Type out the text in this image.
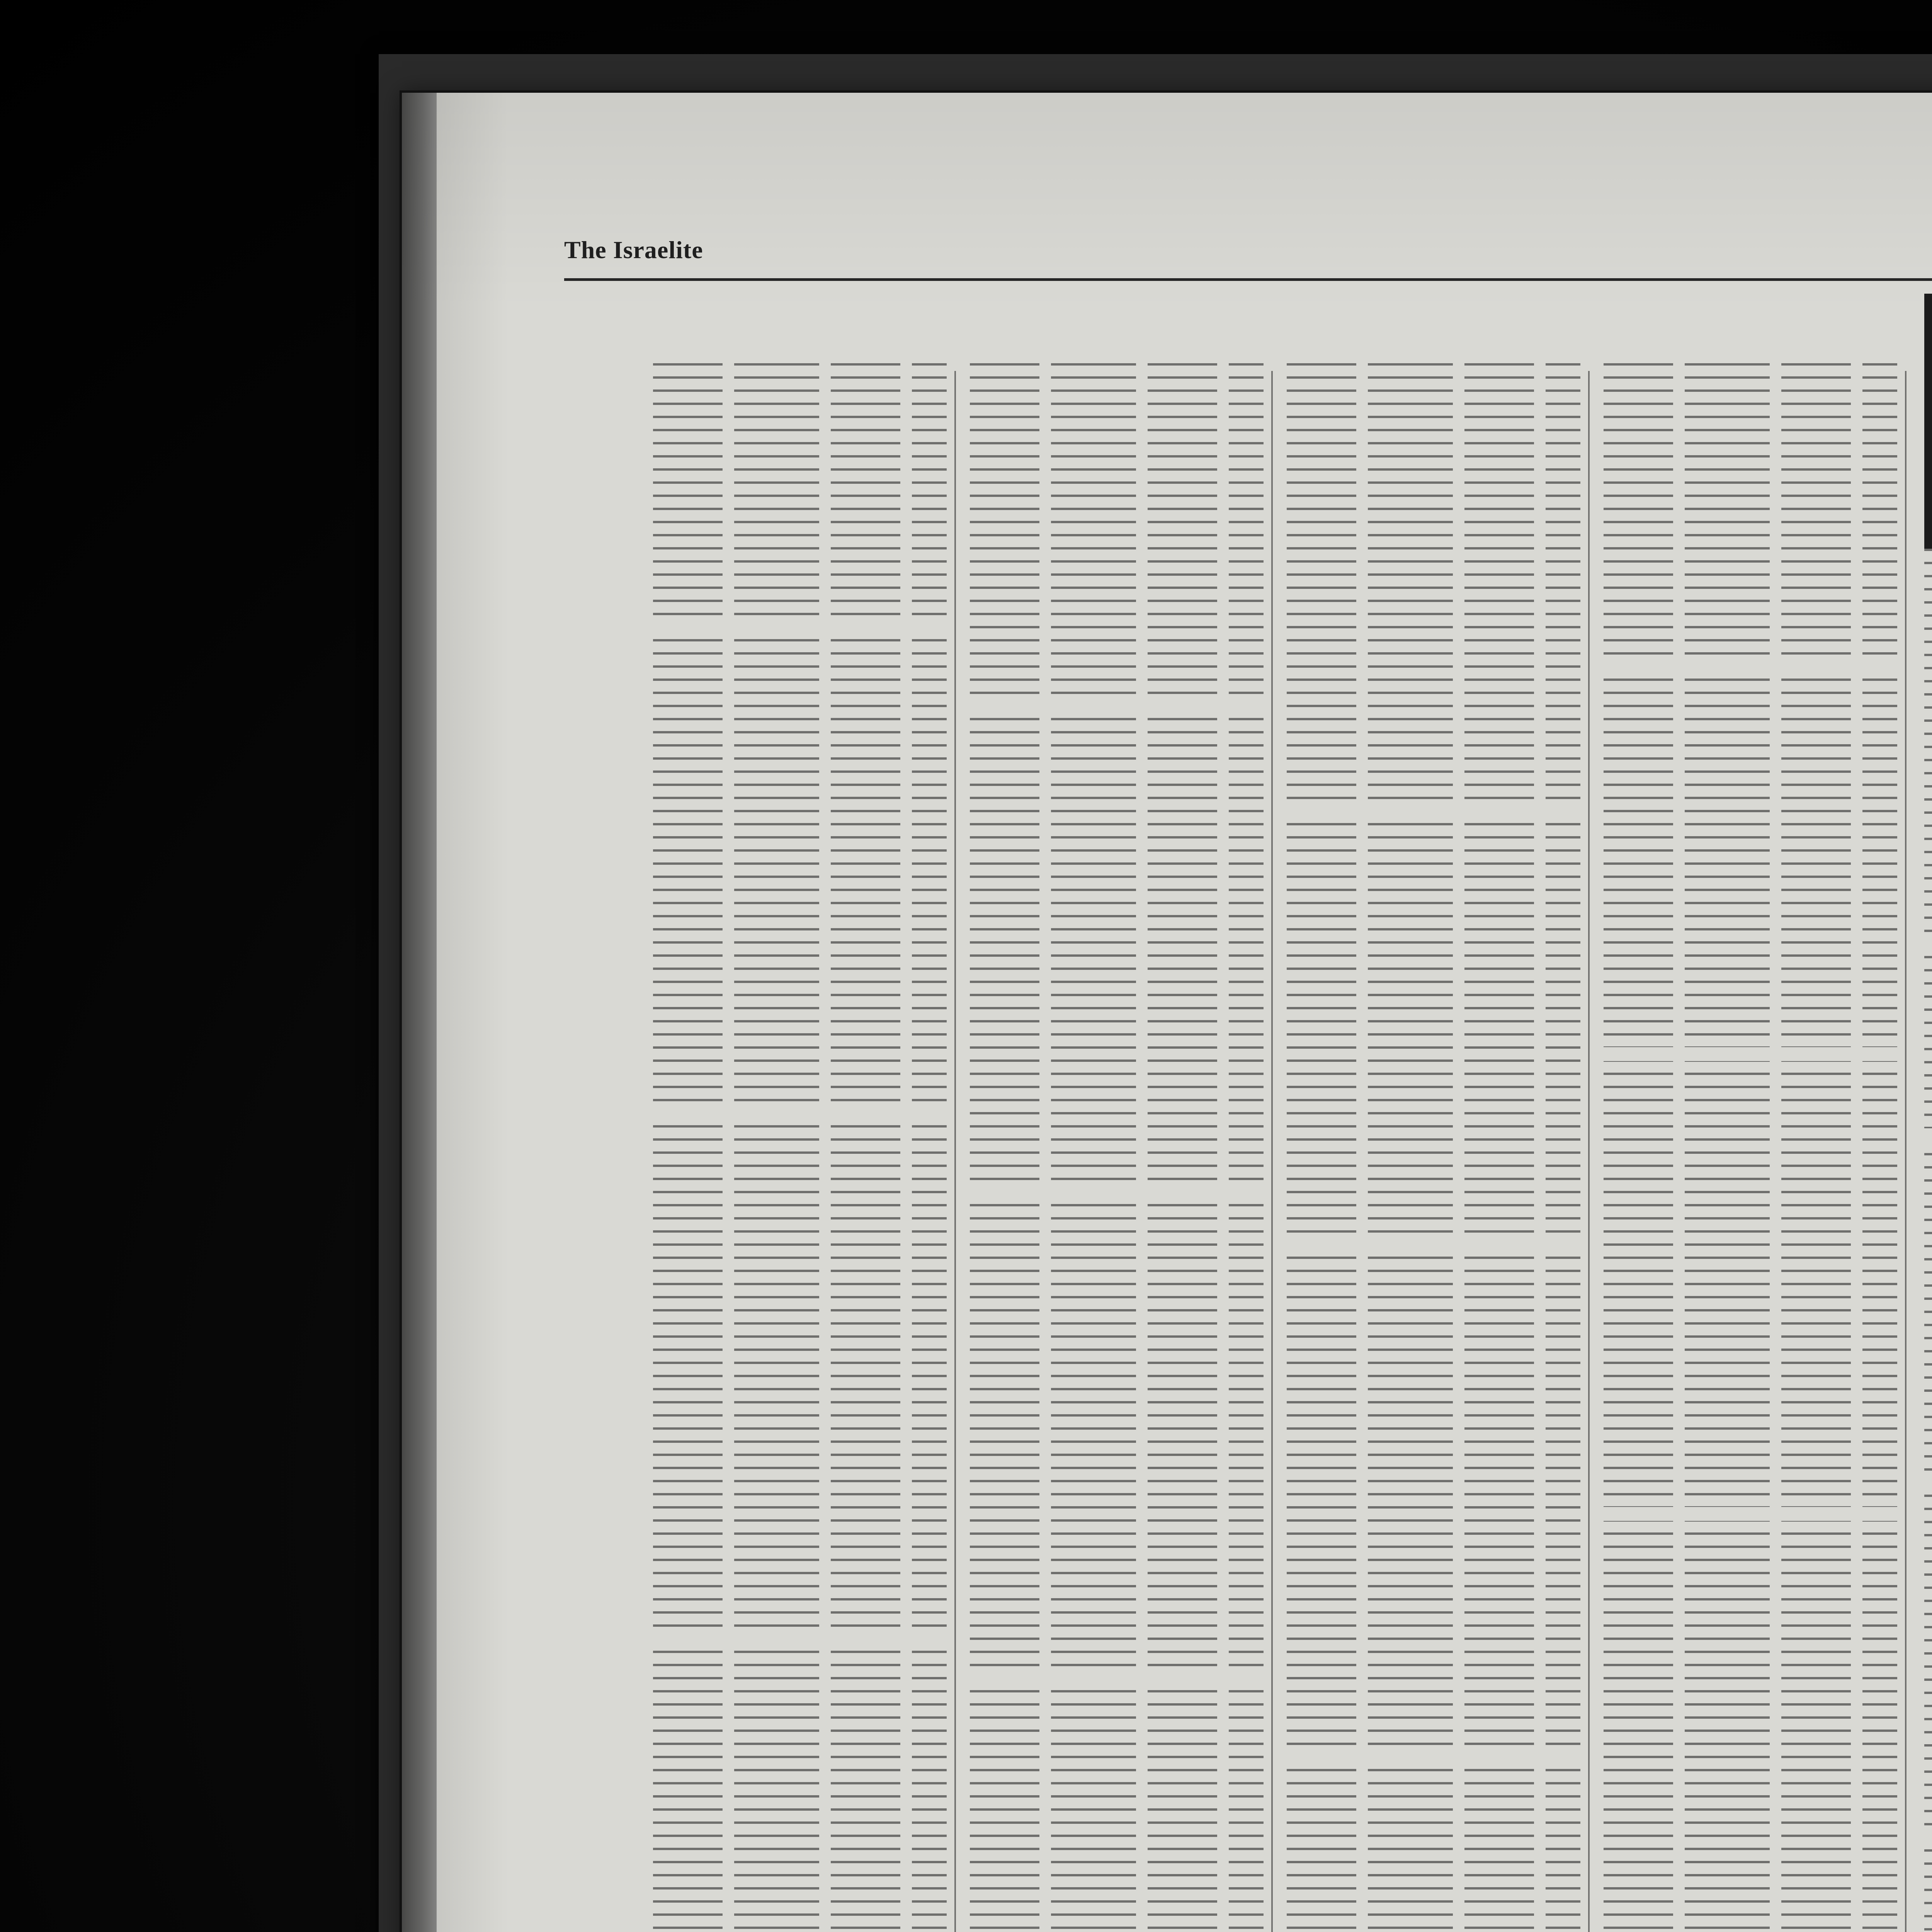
The Israelite
